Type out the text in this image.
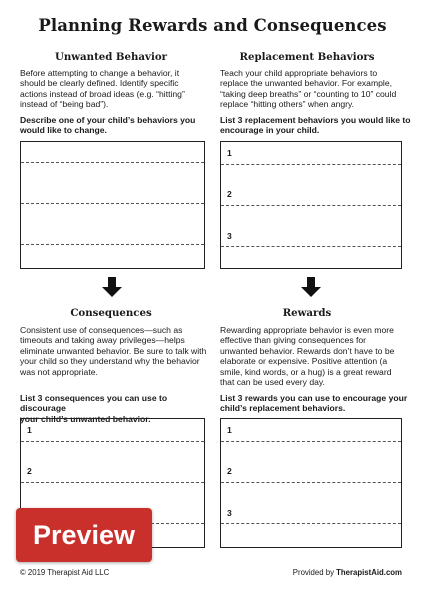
Planning Rewards and Consequences
Unwanted Behavior
Before attempting to change a behavior, it
should be clearly defined. Identify specific
actions instead of broad ideas (e.g. “hitting”
instead of “being bad”).
Describe one of your child’s behaviors you
would like to change.
Replacement Behaviors
Teach your child appropriate behaviors to
replace the unwanted behavior. For example,
“taking deep breaths” or “counting to 10” could
replace “hitting others” when angry.
List 3 replacement behaviors you would like to
encourage in your child.
1
2
3
Consequences
Consistent use of consequences—such as
timeouts and taking away privileges—helps
eliminate unwanted behavior. Be sure to talk with
your child so they understand why the behavior
was not appropriate.
List 3 consequences you can use to discourage
your child’s unwanted behavior.
1
2
Rewards
Rewarding appropriate behavior is even more
effective than giving consequences for
unwanted behavior. Rewards don’t have to be
elaborate or expensive. Positive attention (a
smile, kind words, or a hug) is a great reward
that can be used every day.
List 3 rewards you can use to encourage your
child’s replacement behaviors.
1
2
3
Preview
© 2019 Therapist Aid LLC	Provided by TherapistAid.com
